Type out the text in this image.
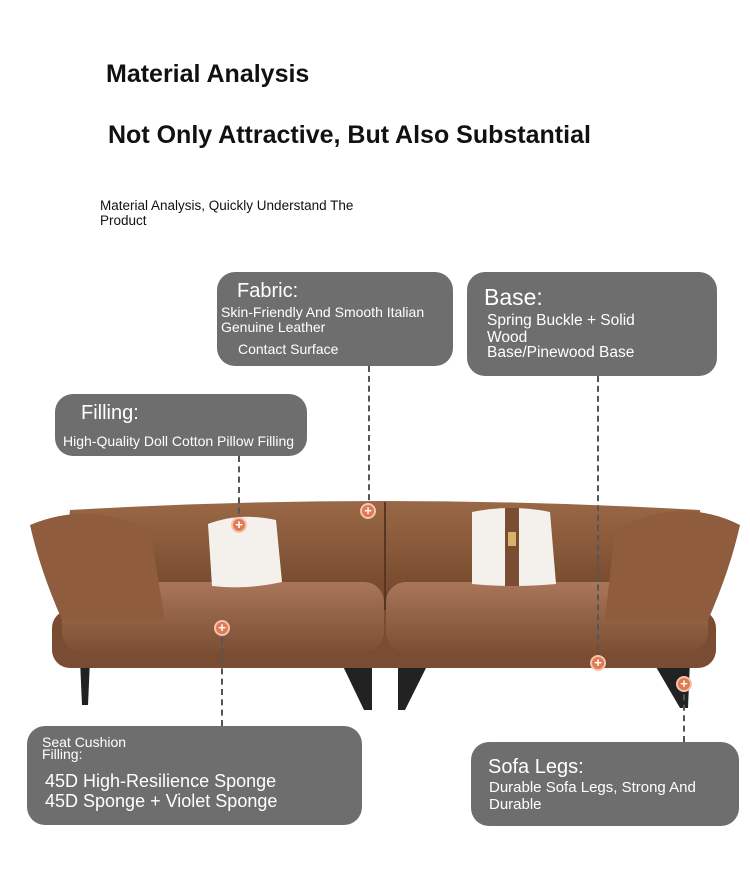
Material Analysis
Not Only Attractive, But Also Substantial
Material Analysis, Quickly Understand The Product
Fabric:
Skin-Friendly And Smooth Italian
Genuine Leather
Contact Surface
Base:
Spring Buckle + Solid
Wood
Base/Pinewood Base
Filling:
High-Quality Doll Cotton Pillow Filling
Seat Cushion
Filling:
45D High-Resilience Sponge
45D Sponge + Violet Sponge
Sofa Legs:
Durable Sofa Legs, Strong And
Durable
+
+
+
+
+
